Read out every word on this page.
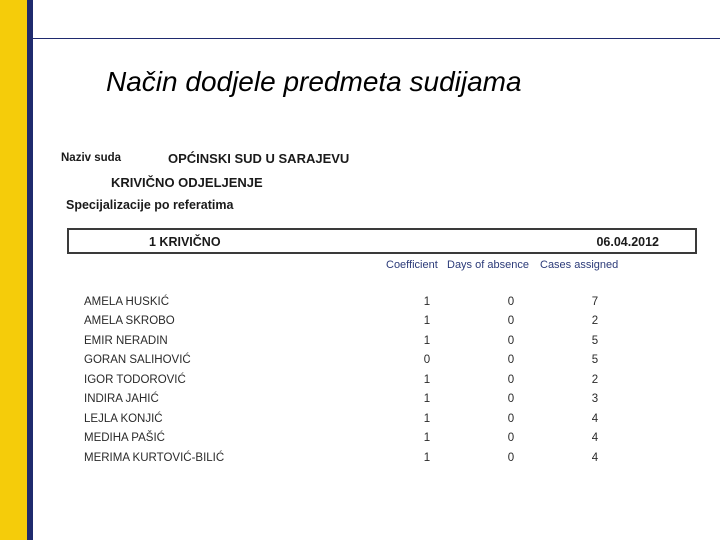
Način dodjele predmeta sudijama
Naziv suda	OPĆINSKI SUD U SARAJEVU
KRIVIČNO ODJELJENJE
Specijalizacije po referatima
1 KRIVIČNO	06.04.2012
Coefficient Days of absence Cases assigned
AMELA HUSKIĆ	1	0	7
AMELA SKROBO	1	0	2
EMIR NERADIN	1	0	5
GORAN SALIHOVIĆ	0	0	5
IGOR TODOROVIĆ	1	0	2
INDIRA JAHIĆ	1	0	3
LEJLA KONJIĆ	1	0	4
MEDIHA PAŠIĆ	1	0	4
MERIMA KURTOVIĆ-BILIĆ	1	0	4
